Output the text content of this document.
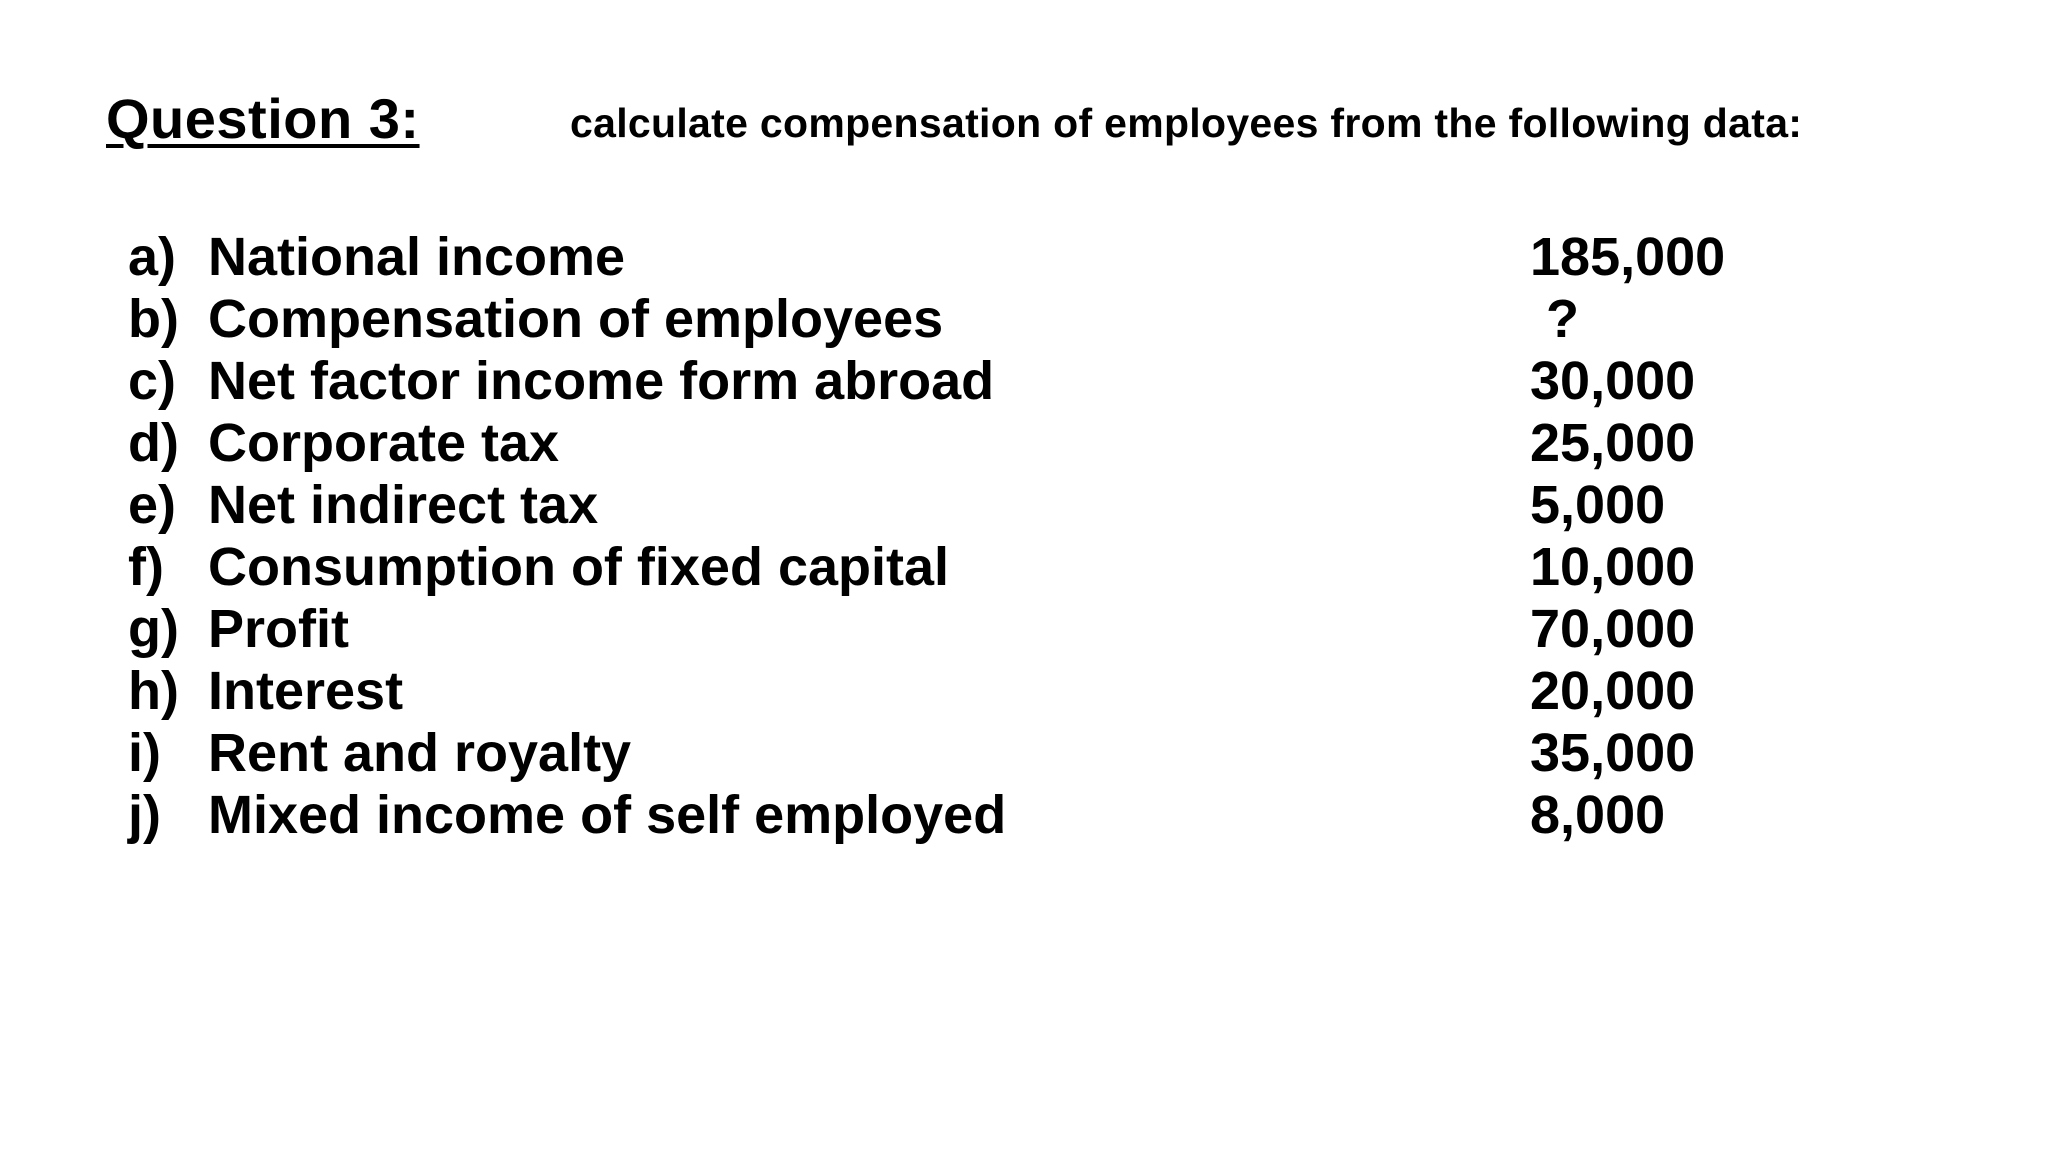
Question 3:	calculate compensation of employees from the following data:
a) National income	185,000
b) Compensation of employees	?
c) Net factor income form abroad	30,000
d) Corporate tax	25,000
e) Net indirect tax	5,000
f) Consumption of fixed capital	10,000
g) Profit	70,000
h) Interest	20,000
i) Rent and royalty	35,000
j) Mixed income of self employed	8,000
